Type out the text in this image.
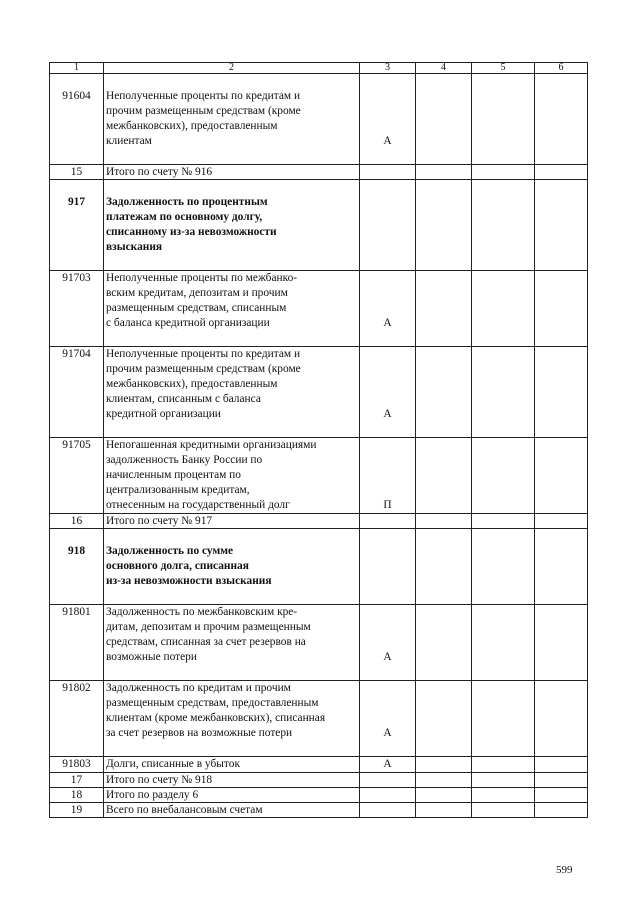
1	2	3	4	5	6
91604	Неполученные проценты по кредитам и
прочим размещенным средствам (кроме
межбанковских), предоставленным
клиентам	А			
15	Итого по счету № 916				
917	Задолженность по процентным
платежам по основному долгу,
списанному из-за невозможности
взыскания				

91703	Неполученные проценты по межбанко-
вским кредитам, депозитам и прочим
размещенным средствам, списанным
с баланса кредитной организации	А			
91704	Неполученные проценты по кредитам и
прочим размещенным средствам (кроме
межбанковских), предоставленным
клиентам, списанным с баланса
кредитной организации	А			
91705	Непогашенная кредитными организациями
задолженность Банку России по
начисленным процентам по
централизованным кредитам,
отнесенным на государственный долг	П			
16	Итого по счету № 917				
918	Задолженность по сумме
основного долга, списанная
из-за невозможности взыскания				

91801	Задолженность по межбанковским кре-
дитам, депозитам и прочим размещенным
средствам, списанная за счет резервов на
возможные потери	А			
91802	Задолженность по кредитам и прочим
размещенным средствам, предоставленным
клиентам (кроме межбанковских), списанная
за счет резервов на возможные потери	А			
91803	Долги, списанные в убыток	А			
17	Итого по счету № 918				
18	Итого по разделу 6				
19	Всего по внебалансовым счетам				
599
